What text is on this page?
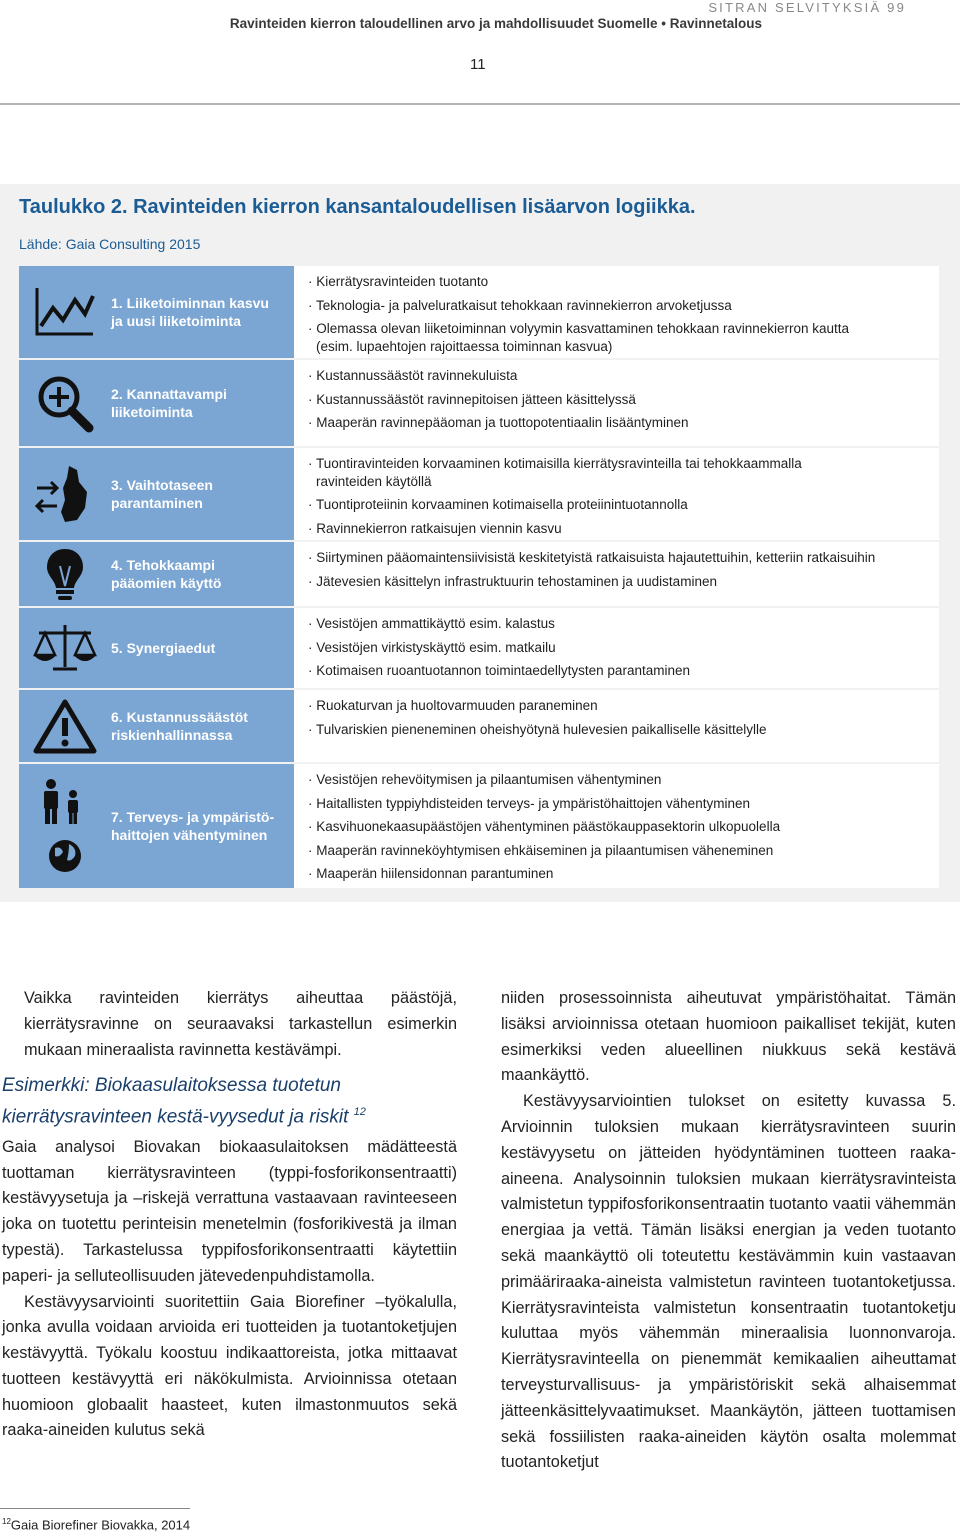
SITRAN SELVITYKSIÄ 99
Ravinteiden kierron taloudellinen arvo ja mahdollisuudet Suomelle • Ravinnetalous
11
Taulukko 2. Ravinteiden kierron kansantaloudellisen lisäarvon logiikka.
Lähde: Gaia Consulting 2015
1. Liiketoiminnan kasvu
ja uusi liiketoiminta
· Kierrätysravinteiden tuotanto
· Teknologia- ja palveluratkaisut tehokkaan ravinnekierron arvoketjussa
· Olemassa olevan liiketoiminnan volyymin kasvattaminen tehokkaan ravinnekierron kautta
(esim. lupaehtojen rajoittaessa toiminnan kasvua)
2. Kannattavampi
liiketoiminta
· Kustannussäästöt ravinnekuluista
· Kustannussäästöt ravinnepitoisen jätteen käsittelyssä
· Maaperän ravinnepääoman ja tuottopotentiaalin lisääntyminen
3. Vaihtotaseen
parantaminen
· Tuontiravinteiden korvaaminen kotimaisilla kierrätysravinteilla tai tehokkaammalla
ravinteiden käytöllä
· Tuontiproteiinin korvaaminen kotimaisella proteiinintuotannolla
· Ravinnekierron ratkaisujen viennin kasvu
4. Tehokkaampi
pääomien käyttö
· Siirtyminen pääomaintensiivisistä keskitetyistä ratkaisuista hajautettuihin, ketteriin ratkaisuihin
· Jätevesien käsittelyn infrastruktuurin tehostaminen ja uudistaminen
5. Synergiaedut
· Vesistöjen ammattikäyttö esim. kalastus
· Vesistöjen virkistyskäyttö esim. matkailu
· Kotimaisen ruoantuotannon toimintaedellytysten parantaminen
6. Kustannussäästöt
riskienhallinnassa
· Ruokaturvan ja huoltovarmuuden paraneminen
· Tulvariskien pieneneminen oheishyötynä hulevesien paikalliselle käsittelylle
7. Terveys- ja ympäristö-
haittojen vähentyminen
· Vesistöjen rehevöitymisen ja pilaantumisen vähentyminen
· Haitallisten typpiyhdisteiden terveys- ja ympäristöhaittojen vähentyminen
· Kasvihuonekaasupäästöjen vähentyminen päästökauppasektorin ulkopuolella
· Maaperän ravinneköyhtymisen ehkäiseminen ja pilaantumisen väheneminen
· Maaperän hiilensidonnan parantuminen

Vaikka ravinteiden kierrätys aiheuttaa päästöjä, kierrätysravinne on seuraavaksi tarkastellun esimerkin mukaan mineraalista ravinnetta kestävämpi.

Esimerkki: Biokaasulaitoksessa tuotetun kierrätysravinteen kestä-vyysedut ja riskit $^{12}$

Gaia analysoi Biovakan biokaasulaitoksen mädätteestä tuottaman kierrätysravinteen (typpi-fosforikonsentraatti) kestävyysetuja ja –riskejä verrattuna vastaavaan ravinteeseen joka on tuotettu perinteisin menetelmin (fosforikivestä ja ilman typestä). Tarkastelussa typpifosforikonsentraatti käytettiin paperi- ja selluteollisuuden jätevedenpuhdistamolla.

Kestävyysarviointi suoritettiin Gaia Biorefiner –työkalulla, jonka avulla voidaan arvioida eri tuotteiden ja tuotantoketjujen kestävyyttä. Työkalu koostuu indikaattoreista, jotka mittaavat tuotteen kestävyyttä eri näkökulmista. Arvioinnissa otetaan huomioon globaalit haasteet, kuten ilmastonmuutos sekä raaka-aineiden kulutus sekä

niiden prosessoinnista aiheutuvat ympäristöhaitat. Tämän lisäksi arvioinnissa otetaan huomioon paikalliset tekijät, kuten esimerkiksi veden alueellinen niukkuus sekä kestävä maankäyttö.

Kestävyysarviointien tulokset on esitetty kuvassa 5. Arvioinnin tuloksien mukaan kierrätysravinteen suurin kestävyysetu on jätteiden hyödyntäminen tuotteen raaka-aineena. Analysoinnin tuloksien mukaan kierrätysravinteista valmistetun typpifosforikonsentraatin tuotanto vaatii vähemmän energiaa ja vettä. Tämän lisäksi energian ja veden tuotanto sekä maankäyttö oli toteutettu kestävämmin kuin vastaavan primääriraaka-aineista valmistetun ravinteen tuotantoketjussa. Kierrätysravinteista valmistetun konsentraatin tuotantoketju kuluttaa myös vähemmän mineraalisia luonnonvaroja. Kierrätysravinteella on pienemmät kemikaalien aiheuttamat terveysturvallisuus- ja ympäristöriskit sekä alhaisemmat jätteenkäsittelyvaatimukset. Maankäytön, jätteen tuottamisen sekä fossiilisten raaka-aineiden käytön osalta molemmat tuotantoketjut

$^{12}$Gaia Biorefiner Biovakka, 2014
